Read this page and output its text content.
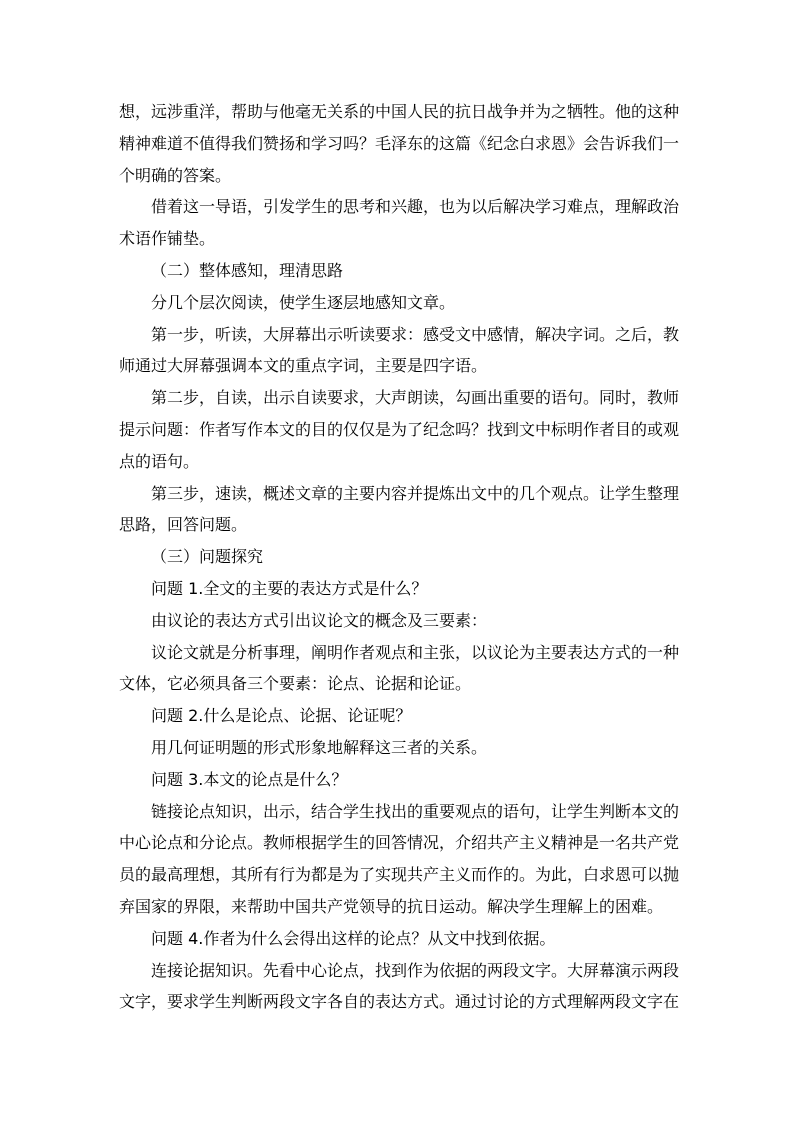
想，远涉重洋，帮助与他毫无关系的中国人民的抗日战争并为之牺牲。他的这种精神难道不值得我们赞扬和学习吗？毛泽东的这篇《纪念白求恩》会告诉我们一个明确的答案。

借着这一导语，引发学生的思考和兴趣，也为以后解决学习难点，理解政治术语作铺垫。

（二）整体感知，理清思路

分几个层次阅读，使学生逐层地感知文章。

第一步，听读，大屏幕出示听读要求：感受文中感情，解决字词。之后，教师通过大屏幕强调本文的重点字词，主要是四字语。

第二步，自读，出示自读要求，大声朗读，勾画出重要的语句。同时，教师提示问题：作者写作本文的目的仅仅是为了纪念吗？找到文中标明作者目的或观点的语句。

第三步，速读，概述文章的主要内容并提炼出文中的几个观点。让学生整理思路，回答问题。

（三）问题探究

问题 1.全文的主要的表达方式是什么？

由议论的表达方式引出议论文的概念及三要素：

议论文就是分析事理，阐明作者观点和主张，以议论为主要表达方式的一种文体，它必须具备三个要素：论点、论据和论证。

问题 2.什么是论点、论据、论证呢？

用几何证明题的形式形象地解释这三者的关系。

问题 3.本文的论点是什么？

链接论点知识，出示，结合学生找出的重要观点的语句，让学生判断本文的中心论点和分论点。教师根据学生的回答情况，介绍共产主义精神是一名共产党员的最高理想，其所有行为都是为了实现共产主义而作的。为此，白求恩可以抛弃国家的界限，来帮助中国共产党领导的抗日运动。解决学生理解上的困难。

问题 4.作者为什么会得出这样的论点？从文中找到依据。

连接论据知识。先看中心论点，找到作为依据的两段文字。大屏幕演示两段文字，要求学生判断两段文字各自的表达方式。通过讨论的方式理解两段文字在
